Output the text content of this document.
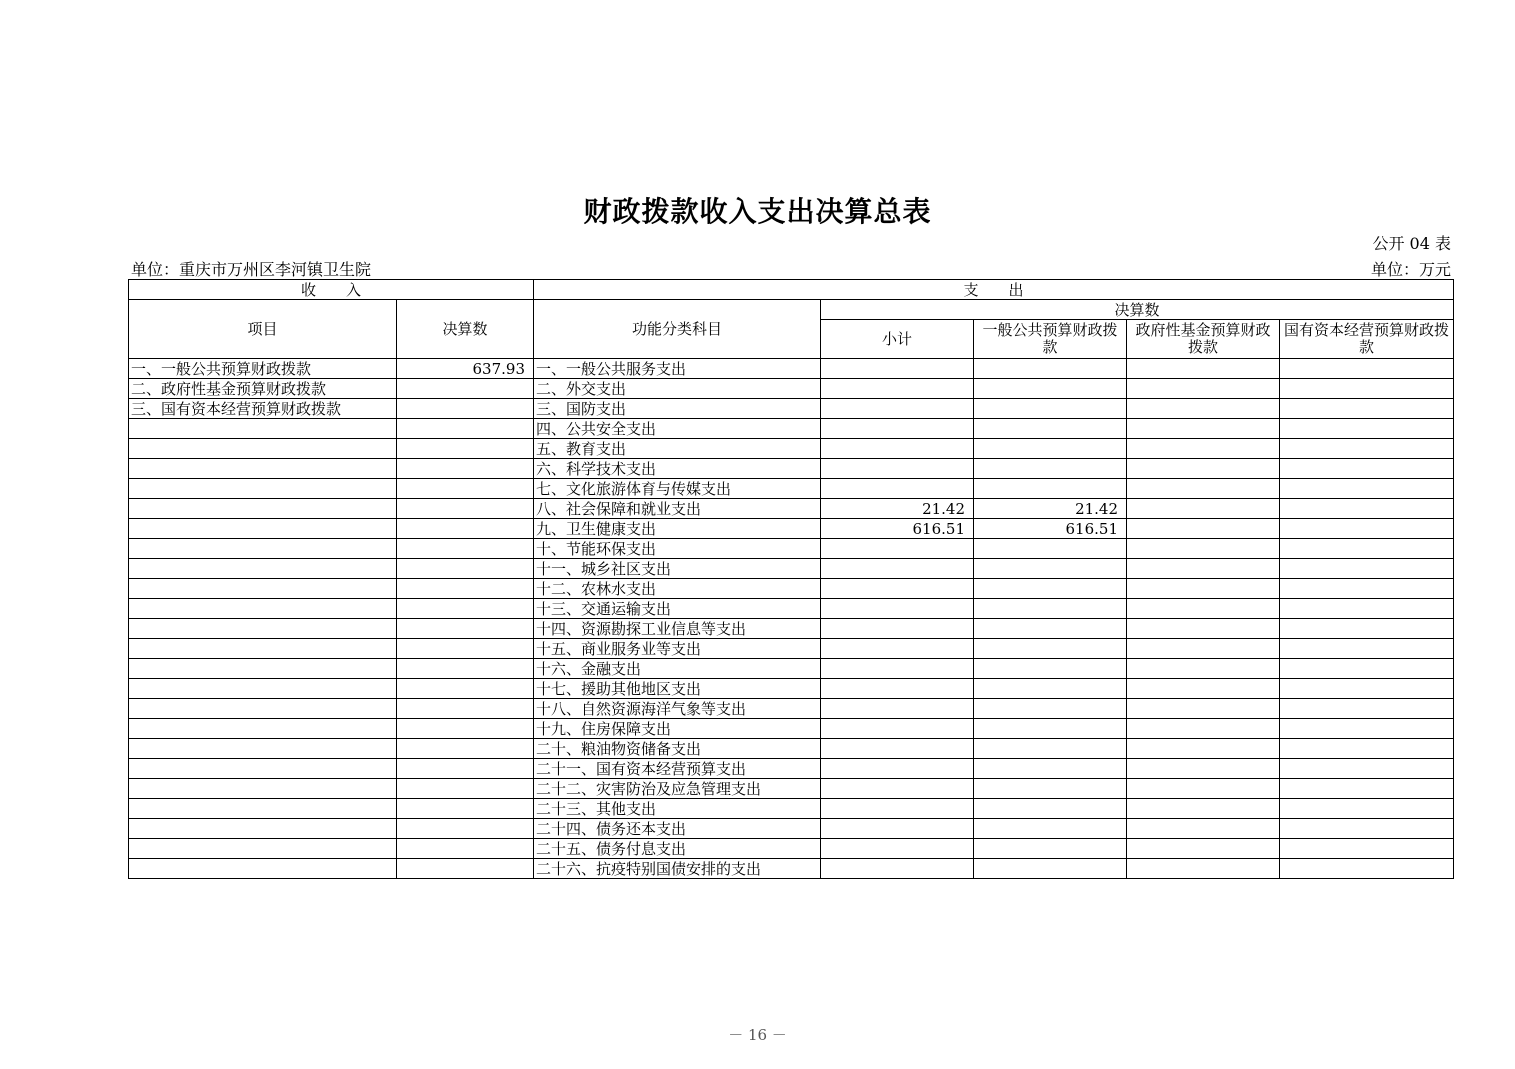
财政拨款收入支出决算总表
公开 04 表
单位：重庆市万州区李河镇卫生院	单位：万元
收　　入		支　　出				
项目	决算数	功能分类科目	决算数			
			小计	一般公共预算财政拨款	政府性基金预算财政拨款	国有资本经营预算财政拨款
一、一般公共预算财政拨款	637.93	一、一般公共服务支出				
二、政府性基金预算财政拨款		二、外交支出				
三、国有资本经营预算财政拨款		三、国防支出				
		四、公共安全支出				
		五、教育支出				
		六、科学技术支出				
		七、文化旅游体育与传媒支出				
		八、社会保障和就业支出	21.42	21.42		
		九、卫生健康支出	616.51	616.51		
		十、节能环保支出				
		十一、城乡社区支出				
		十二、农林水支出				
		十三、交通运输支出				
		十四、资源勘探工业信息等支出				
		十五、商业服务业等支出				
		十六、金融支出				
		十七、援助其他地区支出				
		十八、自然资源海洋气象等支出				
		十九、住房保障支出				
		二十、粮油物资储备支出				
		二十一、国有资本经营预算支出				
		二十二、灾害防治及应急管理支出				
		二十三、其他支出				
		二十四、债务还本支出				
		二十五、债务付息支出				
		二十六、抗疫特别国债安排的支出				
－ 16 －
